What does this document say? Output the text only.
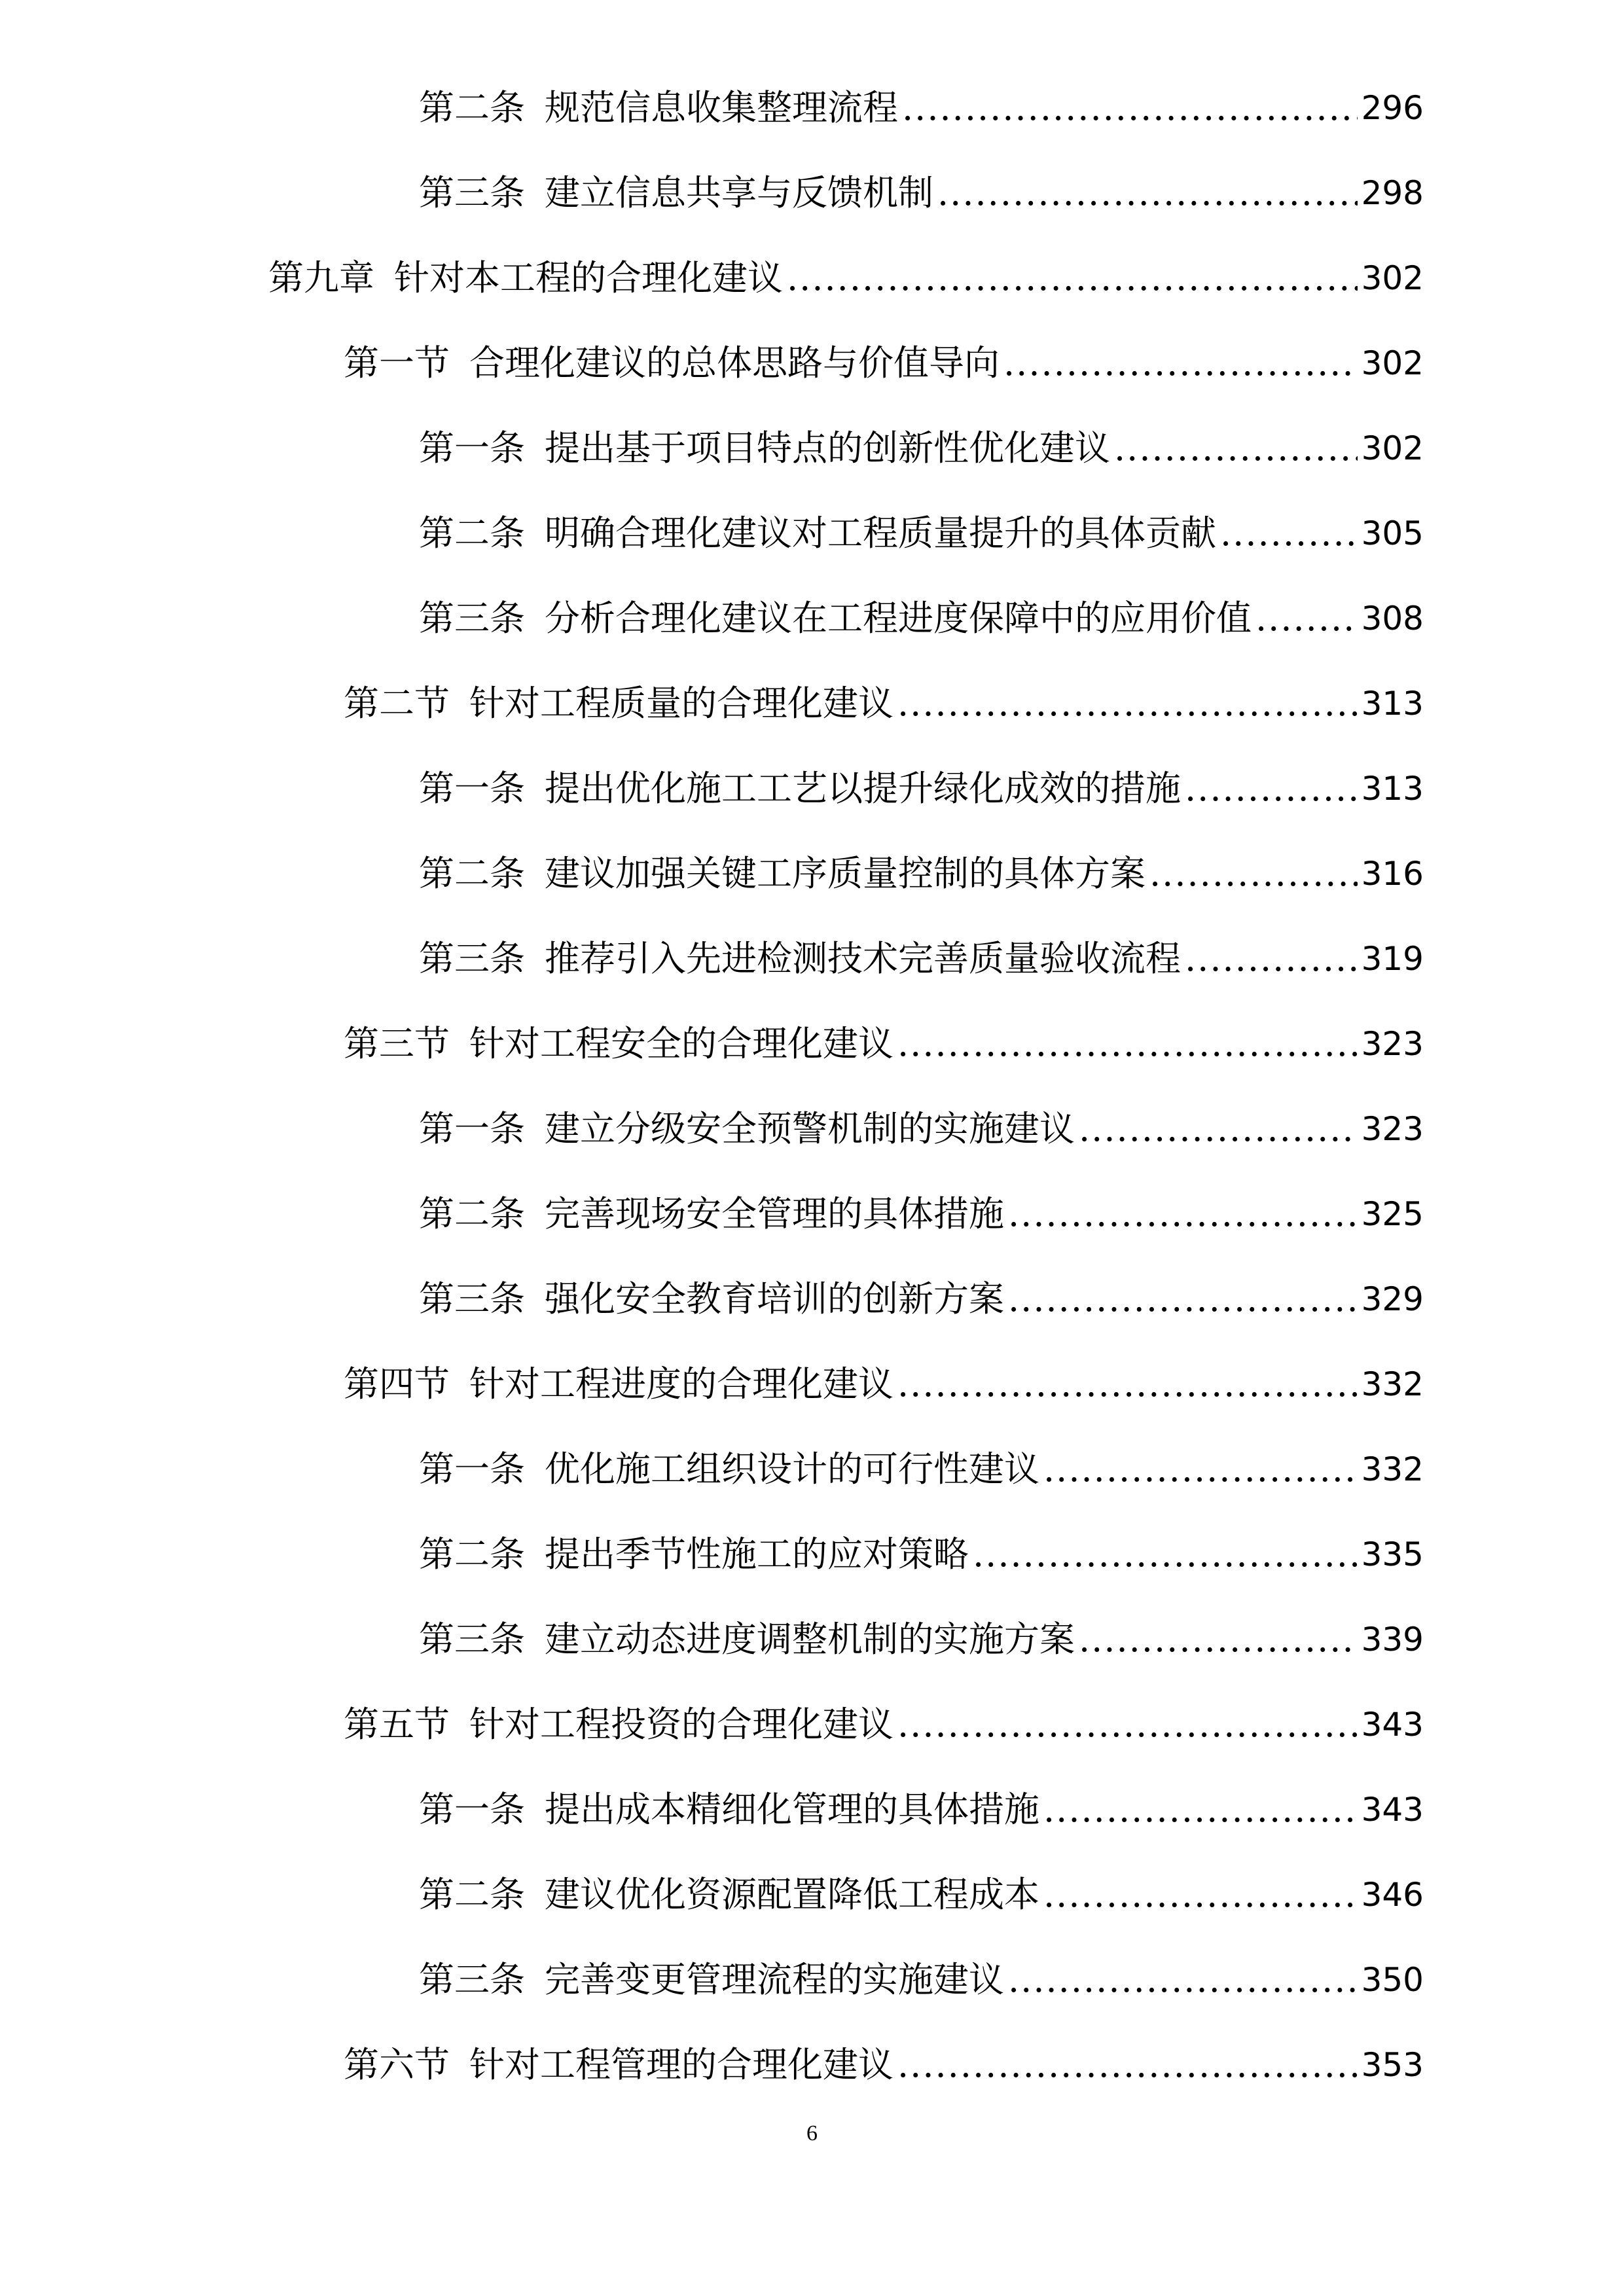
第二条 规范信息收集整理流程 .....	296
第三条 建立信息共享与反馈机制 .....	298
第九章 针对本工程的合理化建议 .....	302
第一节 合理化建议的总体思路与价值导向 .....	302
第一条 提出基于项目特点的创新性优化建议 .....	302
第二条 明确合理化建议对工程质量提升的具体贡献 .....	305
第三条 分析合理化建议在工程进度保障中的应用价值 .....	308
第二节 针对工程质量的合理化建议 .....	313
第一条 提出优化施工工艺以提升绿化成效的措施 .....	313
第二条 建议加强关键工序质量控制的具体方案 .....	316
第三条 推荐引入先进检测技术完善质量验收流程 .....	319
第三节 针对工程安全的合理化建议 .....	323
第一条 建立分级安全预警机制的实施建议 .....	323
第二条 完善现场安全管理的具体措施 .....	325
第三条 强化安全教育培训的创新方案 .....	329
第四节 针对工程进度的合理化建议 .....	332
第一条 优化施工组织设计的可行性建议 .....	332
第二条 提出季节性施工的应对策略 .....	335
第三条 建立动态进度调整机制的实施方案 .....	339
第五节 针对工程投资的合理化建议 .....	343
第一条 提出成本精细化管理的具体措施 .....	343
第二条 建议优化资源配置降低工程成本 .....	346
第三条 完善变更管理流程的实施建议 .....	350
第六节 针对工程管理的合理化建议 .....	353
6
